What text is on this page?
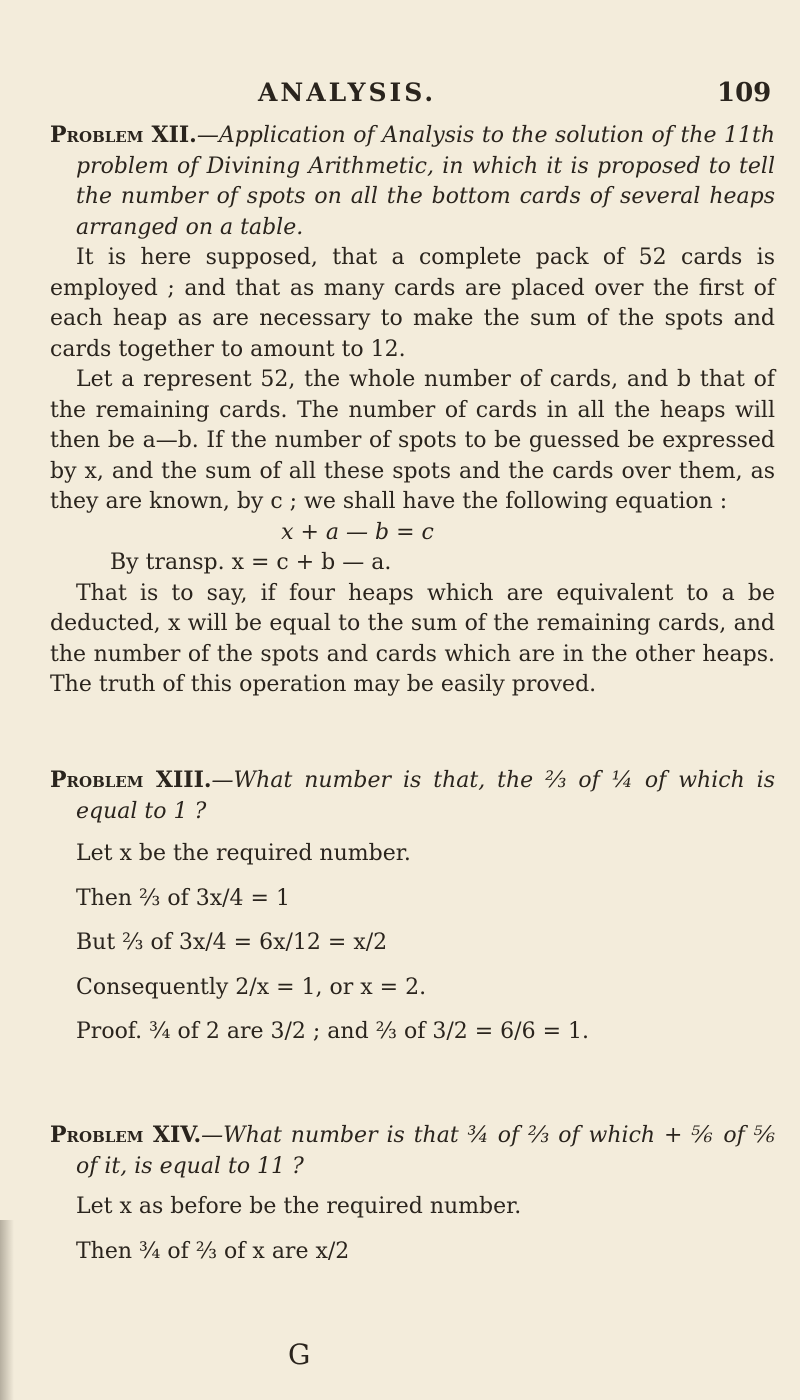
ANALYSIS.	109

Problem XII.—Application of Analysis to the solution of the 11th problem of Divining Arithmetic, in which it is proposed to tell the number of spots on all the bottom cards of several heaps arranged on a table.

It is here supposed, that a complete pack of 52 cards is employed ; and that as many cards are placed over the first of each heap as are necessary to make the sum of the spots and cards together to amount to 12.

Let a represent 52, the whole number of cards, and b that of the remaining cards. The number of cards in all the heaps will then be a—b. If the number of spots to be guessed be expressed by x, and the sum of all these spots and the cards over them, as they are known, by c ; we shall have the following equation :

x + a — b = c

By transp. x = c + b — a.

That is to say, if four heaps which are equivalent to a be deducted, x will be equal to the sum of the remaining cards, and the number of the spots and cards which are in the other heaps. The truth of this operation may be easily proved.

Problem XIII.—What number is that, the ⅔ of ¼ of which is equal to 1 ?

Let x be the required number.

Then ⅔ of 3x/4 = 1

But ⅔ of 3x/4 = 6x/12 = x/2

Consequently 2/x = 1, or x = 2.

Proof. ¾ of 2 are 3/2 ; and ⅔ of 3/2 = 6/6 = 1.

Problem XIV.—What number is that ¾ of ⅔ of which + ⅚ of ⅚ of it, is equal to 11 ?

Let x as before be the required number.

Then ¾ of ⅔ of x are x/2

G
